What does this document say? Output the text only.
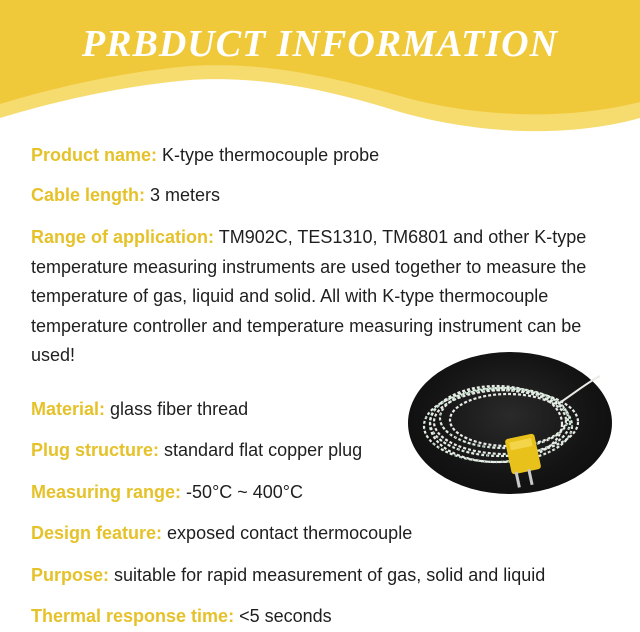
PRBDUCT INFORMATION
Product name: K-type thermocouple probe
Cable length: 3 meters
Range of application: TM902C, TES1310, TM6801 and other K-type temperature measuring instruments are used together to measure the temperature of gas, liquid and solid. All with K-type thermocouple temperature controller and temperature measuring instrument can be used!
Material: glass fiber thread
Plug structure: standard flat copper plug
Measuring range: -50°C ~ 400°C
Design feature: exposed contact thermocouple
Purpose: suitable for rapid measurement of gas, solid and liquid
Thermal response time: <5 seconds
